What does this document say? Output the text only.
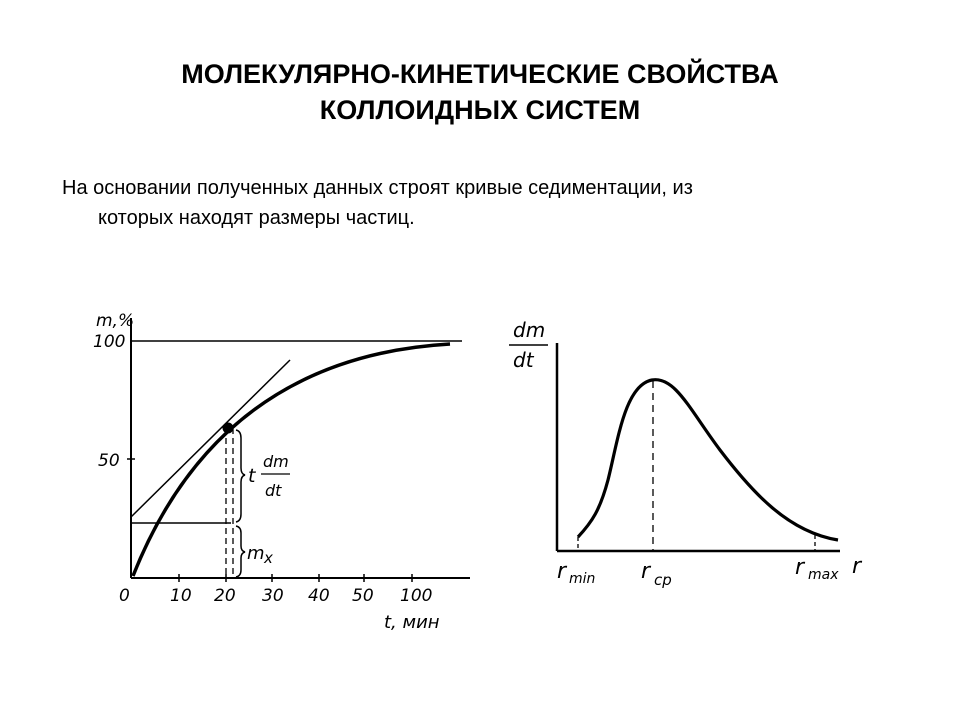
МОЛЕКУЛЯРНО-КИНЕТИЧЕСКИЕ СВОЙСТВА
КОЛЛОИДНЫХ СИСТЕМ
На основании полученных данных строят кривые седиментации, из
которых находят размеры частиц.
m,%
100
50
0 10 20 30 40 50 100
t, мин
t
dm
dt
m x
dm
dt
r
r min r cp	r max
